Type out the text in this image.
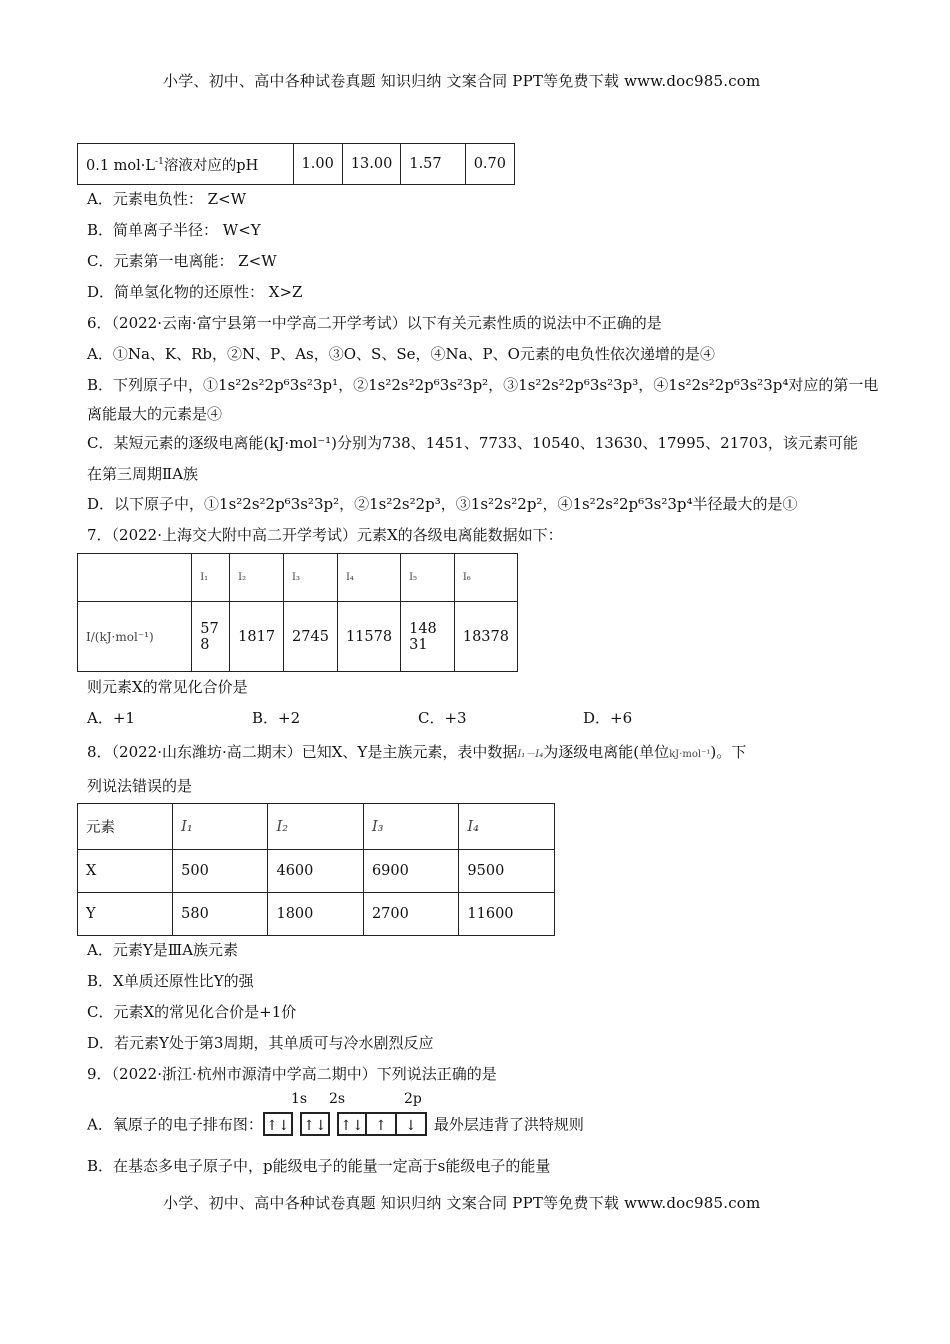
小学、初中、高中各种试卷真题 知识归纳 文案合同 PPT等免费下载 www.doc985.com
0.1 $mol\cdot L^{-1}$溶液对应的pH	1.00	13.00	1.57	0.70
A．元素电负性： Z<W
B．简单离子半径： W<Y
C．元素第一电离能： Z<W
D．简单氢化物的还原性： X>Z
6．（2022·云南·富宁县第一中学高二开学考试）以下有关元素性质的说法中不正确的是
A．①Na、K、Rb，②N、P、As，③O、S、Se，④Na、P、O元素的电负性依次递增的是④
B．下列原子中，①1s²2s²2p⁶3s²3p¹，②1s²2s²2p⁶3s²3p²，③1s²2s²2p⁶3s²3p³，④1s²2s²2p⁶3s²3p⁴对应的第一电
离能最大的元素是④
C．某短元素的逐级电离能(kJ·mol⁻¹)分别为738、1451、7733、10540、13630、17995、21703，该元素可能
在第三周期ⅡA族
D．以下原子中，①1s²2s²2p⁶3s²3p²，②1s²2s²2p³，③1s²2s²2p²，④1s²2s²2p⁶3s²3p⁴半径最大的是①
7．（2022·上海交大附中高二开学考试）元素X的各级电离能数据如下：
	I₁	I₂	I₃	I₄	I₅	I₆
I/(kJ·mol⁻¹)	578	1817	2745	11578	14831	18378
则元素X的常见化合价是
A．+1	B．+2	C．+3	D．+6
8．（2022·山东潍坊·高二期末）已知X、Y是主族元素，表中数据I₁－I₄为逐级电离能(单位kJ·mol⁻¹)。下
列说法错误的是
元素	I₁	I₂	I₃	I₄
X	500	4600	6900	9500
Y	580	1800	2700	11600
A．元素Y是ⅢA族元素
B．X单质还原性比Y的强
C．元素X的常见化合价是+1价
D．若元素Y处于第3周期，其单质可与冷水剧烈反应
9．（2022·浙江·杭州市源清中学高二期中）下列说法正确的是
1s 2s	2p
A．氧原子的电子排布图： ↑↓ ↑↓ ↑↓ ↑ ↓ 最外层违背了洪特规则
B．在基态多电子原子中，p能级电子的能量一定高于s能级电子的能量
小学、初中、高中各种试卷真题 知识归纳 文案合同 PPT等免费下载 www.doc985.com
